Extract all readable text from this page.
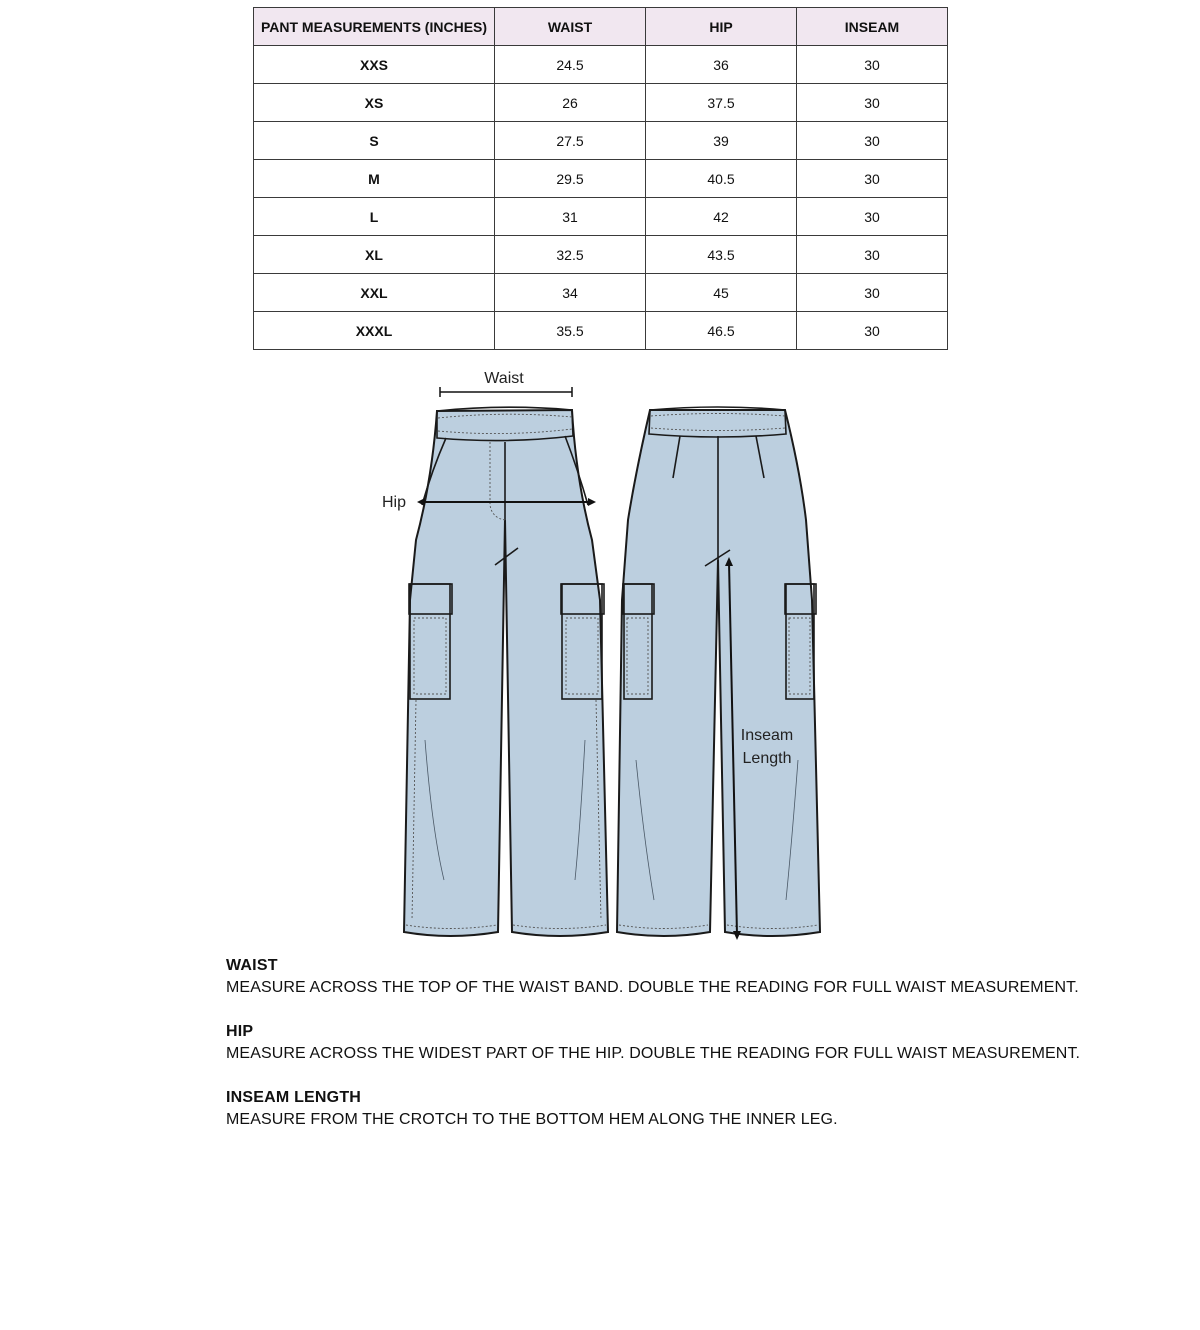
PANT MEASUREMENTS (INCHES)	WAIST	HIP	INSEAM
XXS	24.5	36	30
XS	26	37.5	30
S	27.5	39	30
M	29.5	40.5	30
L	31	42	30
XL	32.5	43.5	30
XXL	34	45	30
XXXL	35.5	46.5	30
Waist
Hip
Inseam
Length
WAIST
MEASURE ACROSS THE TOP OF THE WAIST BAND. DOUBLE THE READING FOR FULL WAIST MEASUREMENT.
HIP
MEASURE ACROSS THE WIDEST PART OF THE HIP. DOUBLE THE READING FOR FULL WAIST MEASUREMENT.
INSEAM LENGTH
MEASURE FROM THE CROTCH TO THE BOTTOM HEM ALONG THE INNER LEG.
